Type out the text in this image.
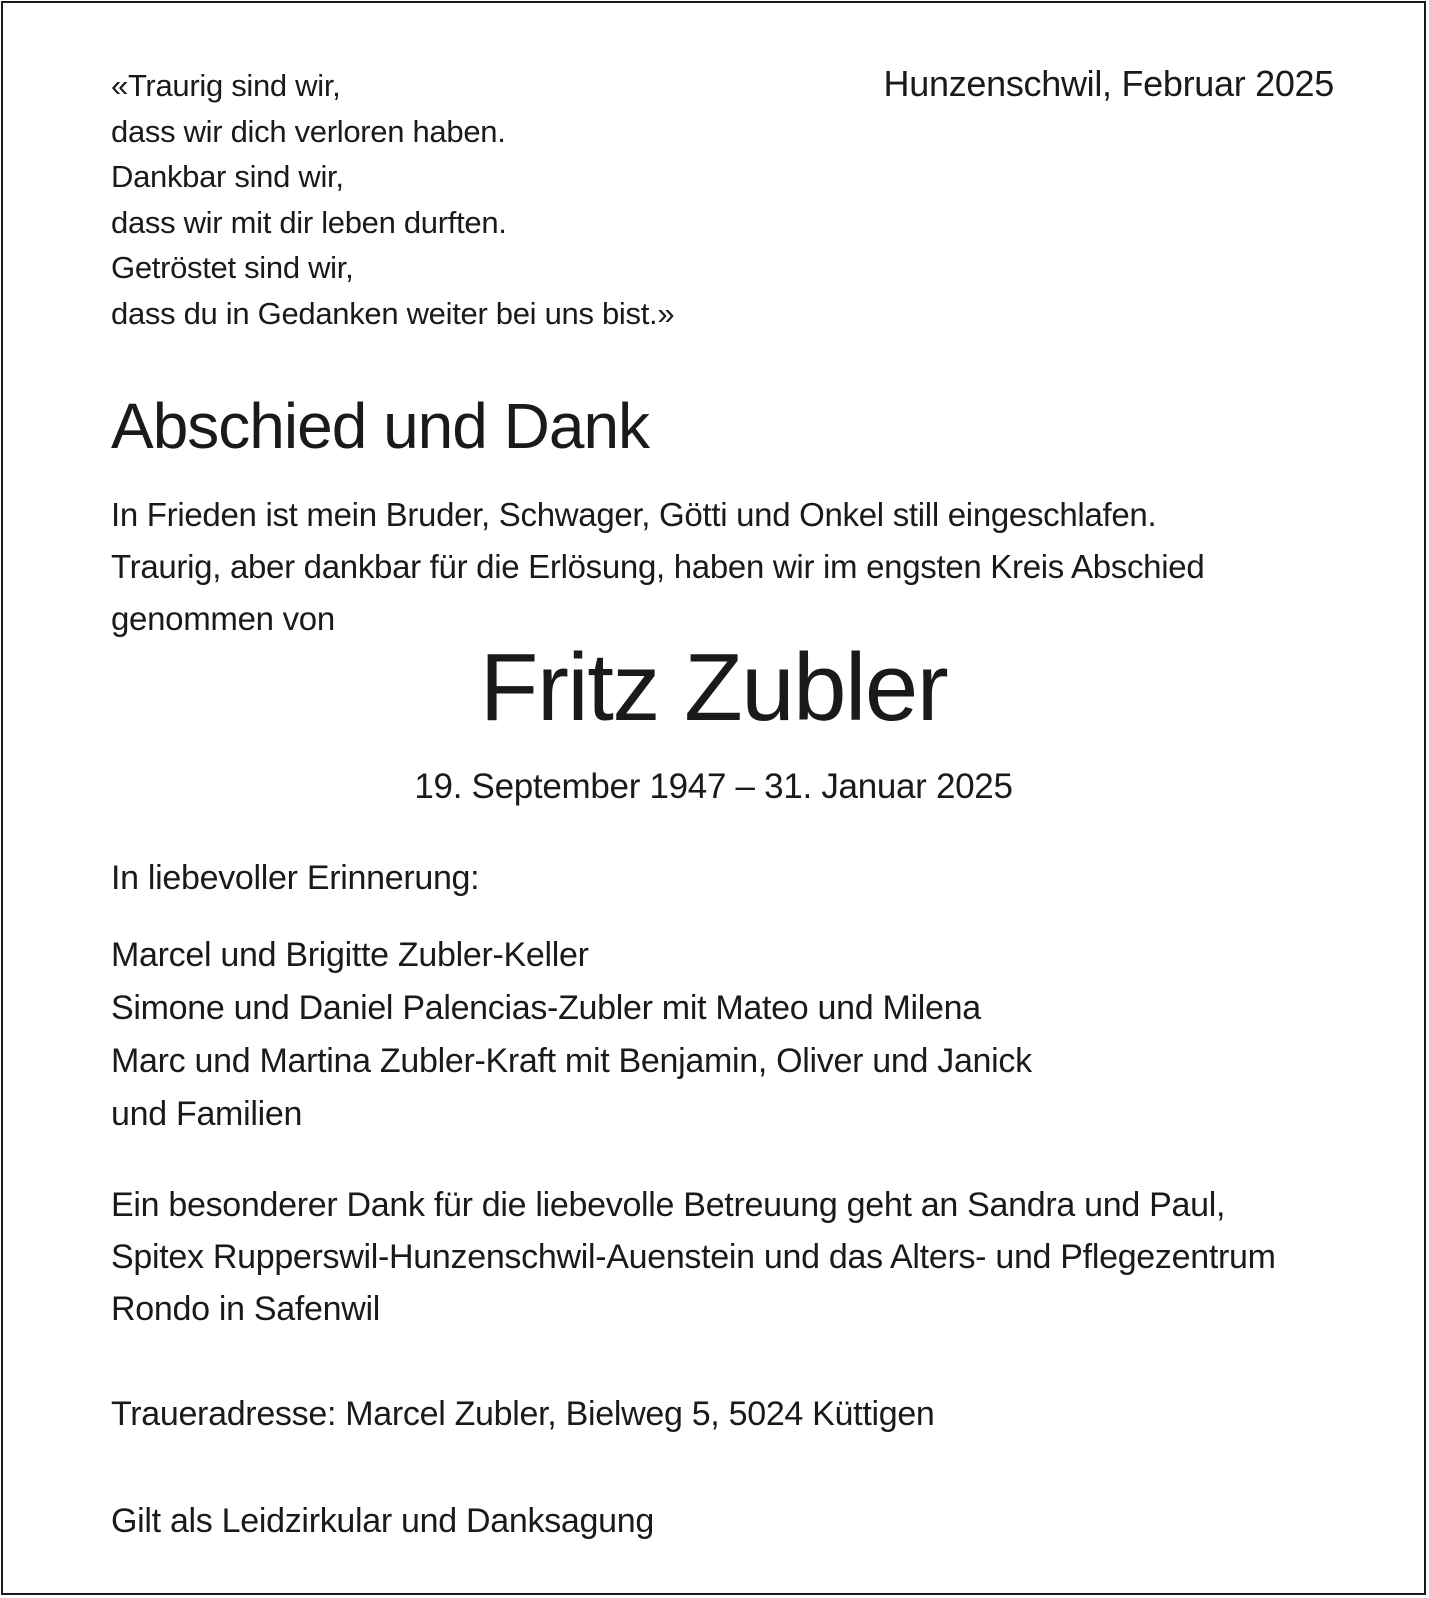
Hunzenschwil, Februar 2025
«Traurig sind wir,
dass wir dich verloren haben.
Dankbar sind wir,
dass wir mit dir leben durften.
Getröstet sind wir,
dass du in Gedanken weiter bei uns bist.»
Abschied und Dank
In Frieden ist mein Bruder, Schwager, Götti und Onkel still eingeschlafen.
Traurig, aber dankbar für die Erlösung, haben wir im engsten Kreis Abschied
genommen von
Fritz Zubler
19. September 1947 – 31. Januar 2025
In liebevoller Erinnerung:
Marcel und Brigitte Zubler-Keller
Simone und Daniel Palencias-Zubler mit Mateo und Milena
Marc und Martina Zubler-Kraft mit Benjamin, Oliver und Janick
und Familien
Ein besonderer Dank für die liebevolle Betreuung geht an Sandra und Paul,
Spitex Rupperswil-Hunzenschwil-Auenstein und das Alters- und Pflegezentrum
Rondo in Safenwil
Traueradresse: Marcel Zubler, Bielweg 5, 5024 Küttigen
Gilt als Leidzirkular und Danksagung
